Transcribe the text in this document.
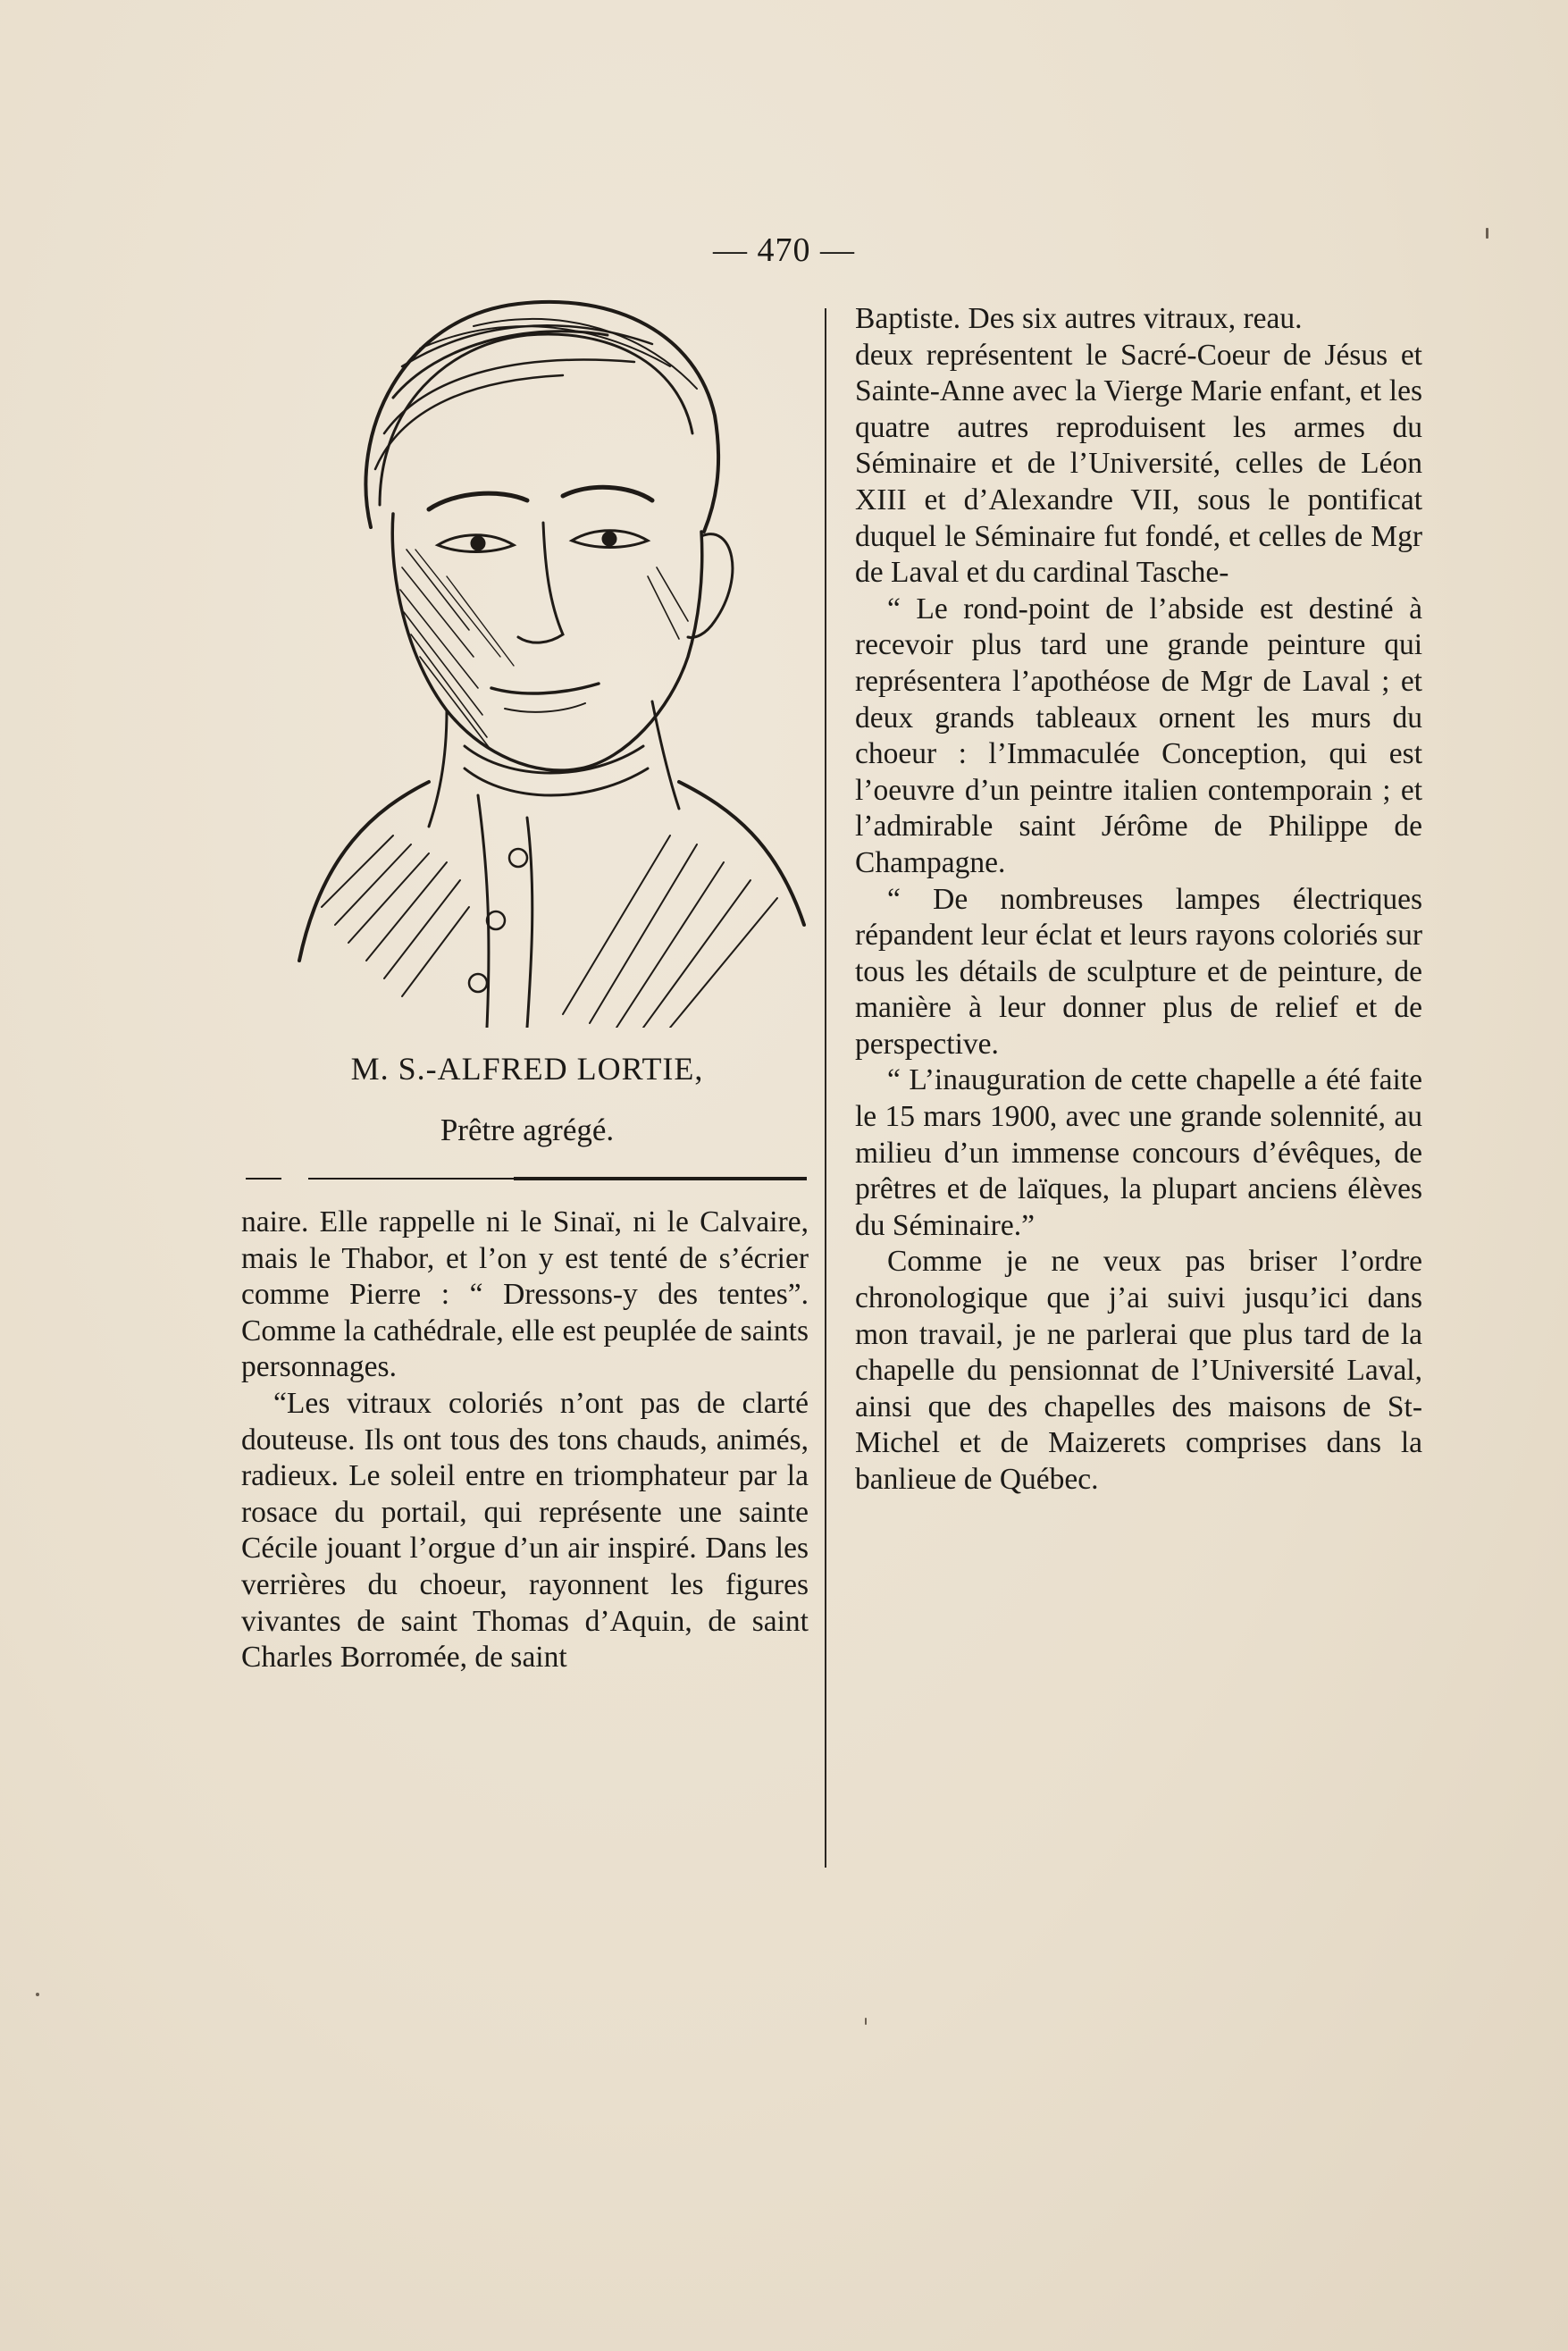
— 470 —
M. S.-ALFRED LORTIE,
Prêtre agrégé.

naire. Elle rappelle ni le Sinaï, ni le Calvaire, mais le Thabor, et l’on y est tenté de s’écrier comme Pierre : “ Dressons-y des tentes”. Comme la cathédrale, elle est peuplée de saints personnages.

“Les vitraux coloriés n’ont pas de clarté douteuse. Ils ont tous des tons chauds, animés, radieux. Le soleil entre en triomphateur par la rosace du portail, qui représente une sainte Cécile jouant l’orgue d’un air inspiré. Dans les verrières du choeur, rayonnent les figures vivantes de saint Thomas d’Aquin, de saint Charles Borromée, de saint

Baptiste. Des six autres vitraux, reau.

deux représentent le Sacré-Coeur de Jésus et Sainte-Anne avec la Vierge Marie enfant, et les quatre autres reproduisent les armes du Séminaire et de l’Université, celles de Léon XIII et d’Alexandre VII, sous le pontificat duquel le Séminaire fut fondé, et celles de Mgr de Laval et du cardinal Tasche-

“ Le rond-point de l’abside est destiné à recevoir plus tard une grande peinture qui représentera l’apothéose de Mgr de Laval ; et deux grands tableaux ornent les murs du choeur : l’Immaculée Conception, qui est l’oeuvre d’un peintre italien contemporain ; et l’admirable saint Jérôme de Philippe de Champagne.

“ De nombreuses lampes électriques répandent leur éclat et leurs rayons coloriés sur tous les détails de sculpture et de peinture, de manière à leur donner plus de relief et de perspective.

“ L’inauguration de cette chapelle a été faite le 15 mars 1900, avec une grande solennité, au milieu d’un immense concours d’évêques, de prêtres et de laïques, la plupart anciens élèves du Séminaire.”

Comme je ne veux pas briser l’ordre chronologique que j’ai suivi jusqu’ici dans mon travail, je ne parlerai que plus tard de la chapelle du pensionnat de l’Université Laval, ainsi que des chapelles des maisons de St-Michel et de Maizerets comprises dans la banlieue de Québec.
